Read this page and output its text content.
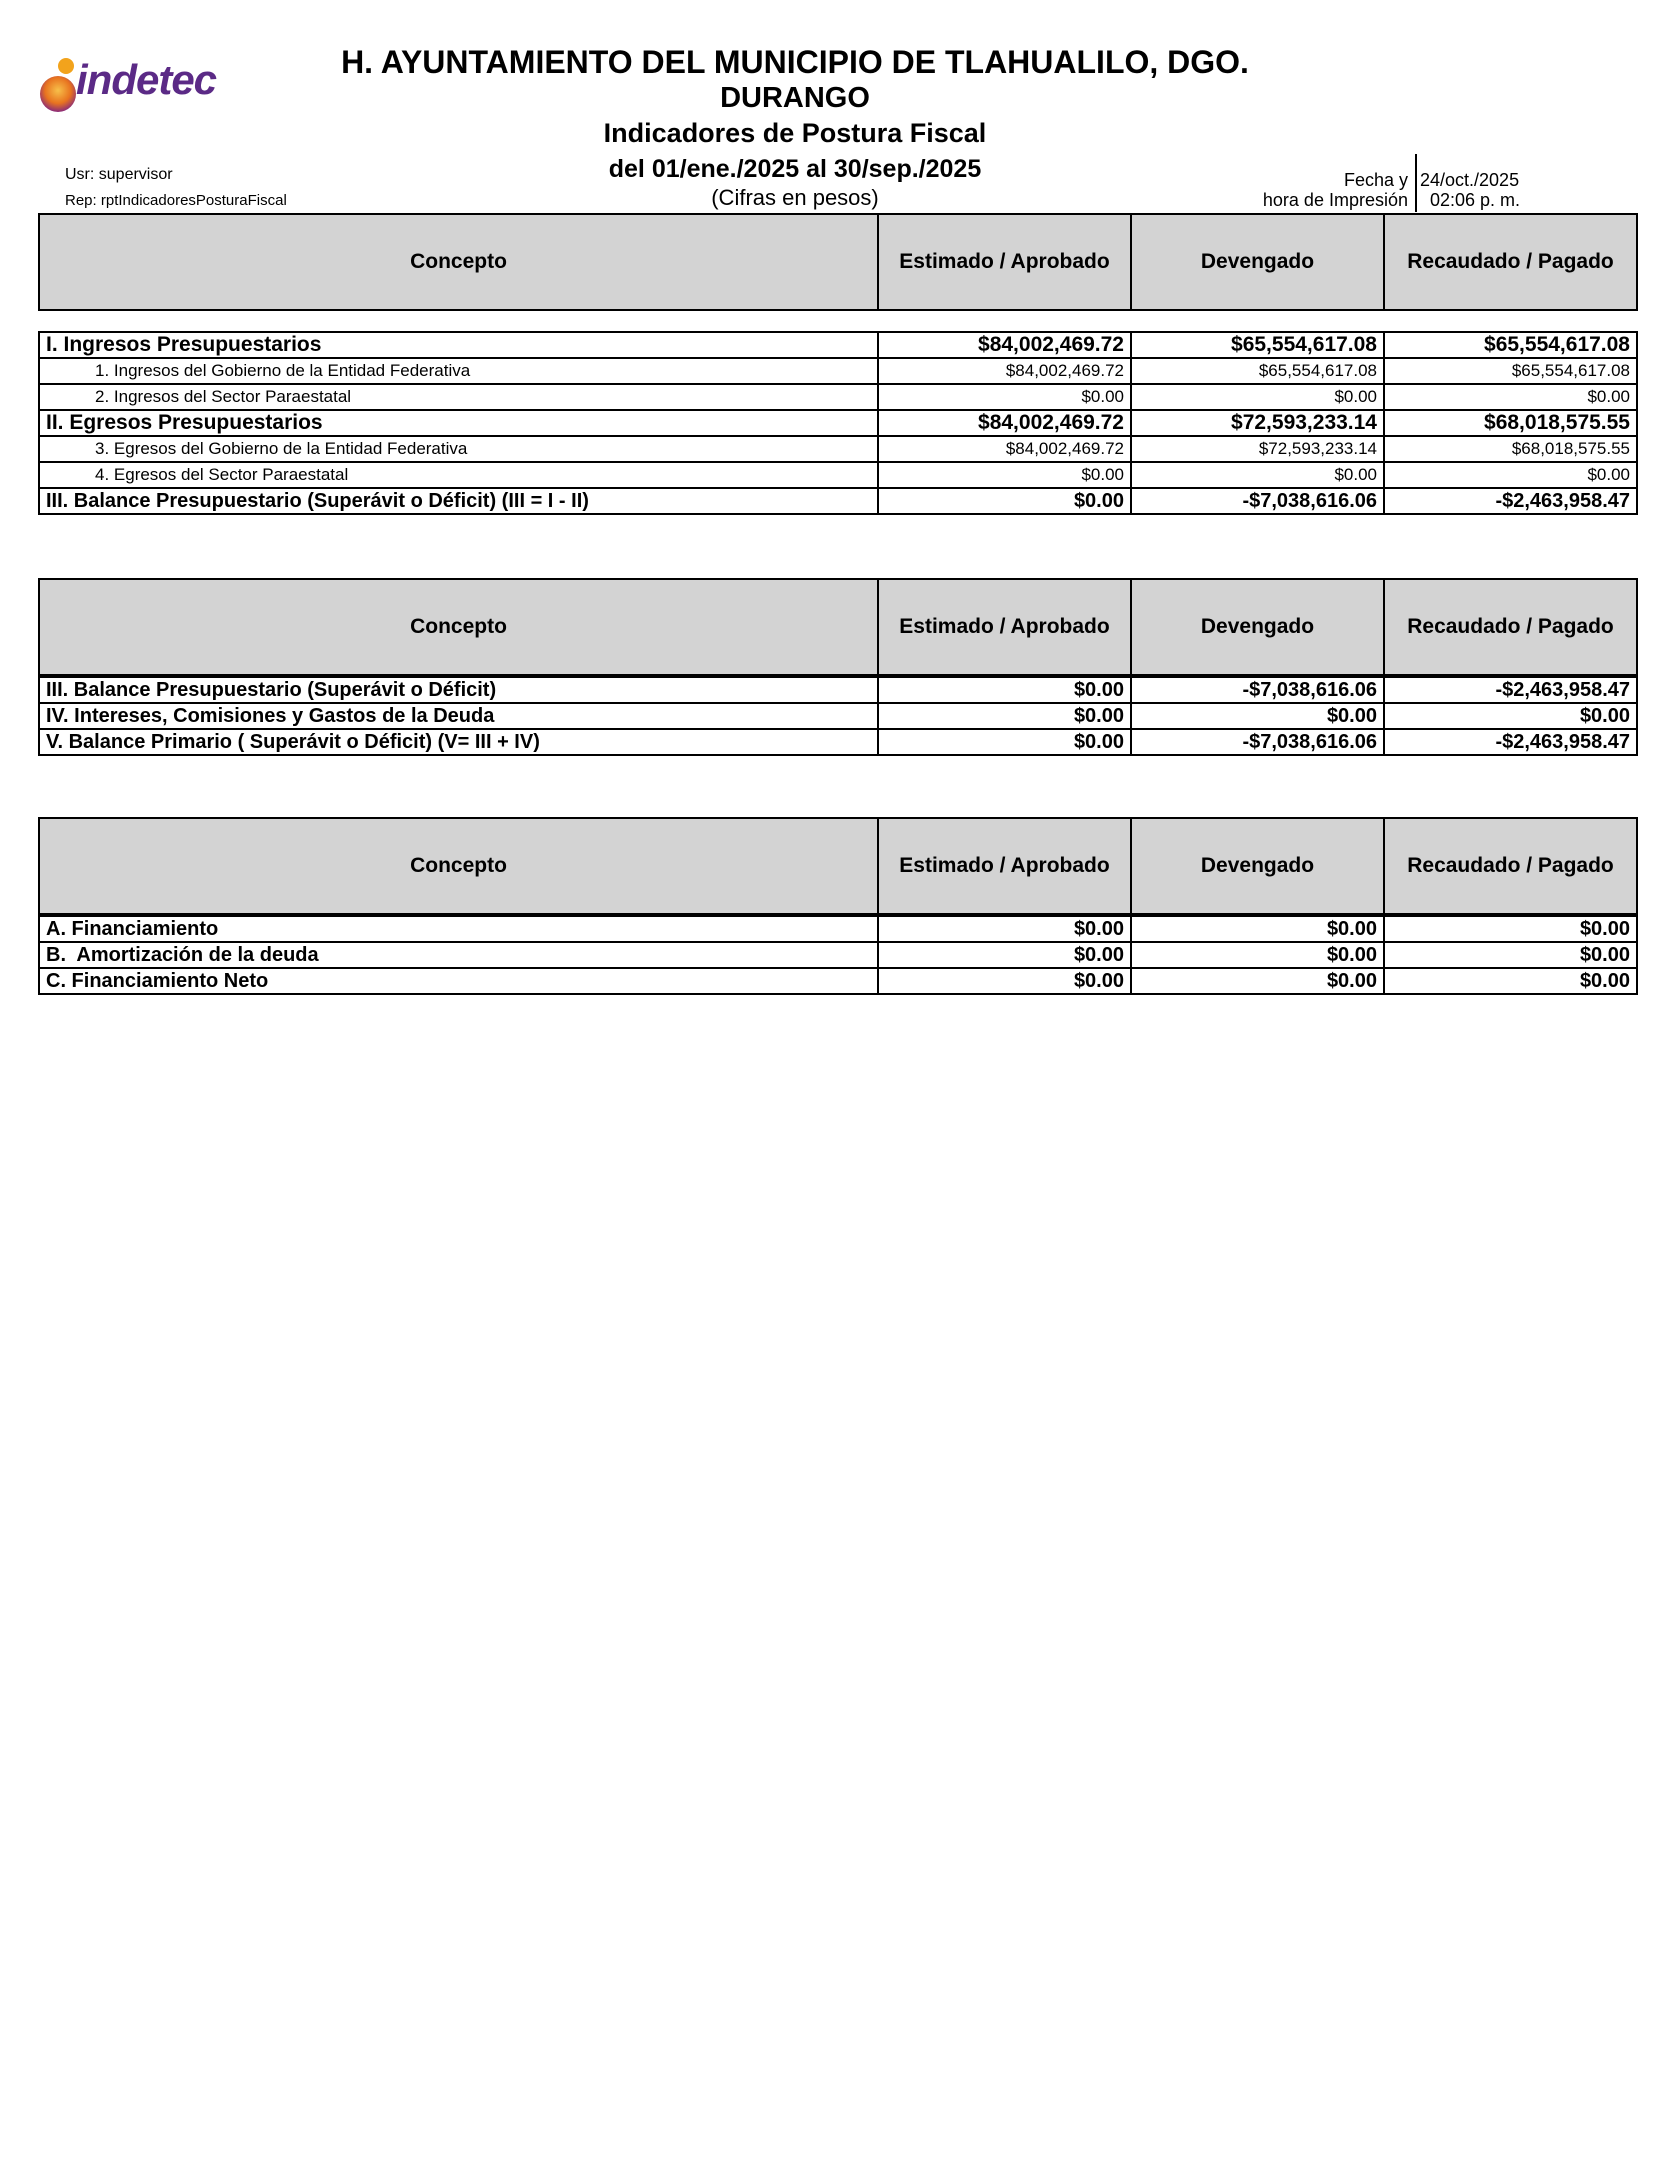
indetec	H. AYUNTAMIENTO DEL MUNICIPIO DE TLAHUALILO, DGO.
DURANGO
Indicadores de Postura Fiscal
del 01/ene./2025 al 30/sep./2025
(Cifras en pesos)
Usr: supervisor
Rep: rptIndicadoresPosturaFiscal
Fecha y
hora de Impresión
24/oct./2025
02:06 p. m.
Concepto	Estimado / Aprobado	Devengado	Recaudado / Pagado
I. Ingresos Presupuestarios	$84,002,469.72	$65,554,617.08	$65,554,617.08
1. Ingresos del Gobierno de la Entidad Federativa	$84,002,469.72	$65,554,617.08	$65,554,617.08
2. Ingresos del Sector Paraestatal	$0.00	$0.00	$0.00
II. Egresos Presupuestarios	$84,002,469.72	$72,593,233.14	$68,018,575.55
3. Egresos del Gobierno de la Entidad Federativa	$84,002,469.72	$72,593,233.14	$68,018,575.55
4. Egresos del Sector Paraestatal	$0.00	$0.00	$0.00
III. Balance Presupuestario (Superávit o Déficit) (III = I - II)	$0.00	-$7,038,616.06	-$2,463,958.47
Concepto	Estimado / Aprobado	Devengado	Recaudado / Pagado
III. Balance Presupuestario (Superávit o Déficit)	$0.00	-$7,038,616.06	-$2,463,958.47
IV. Intereses, Comisiones y Gastos de la Deuda	$0.00	$0.00	$0.00
V. Balance Primario ( Superávit o Déficit) (V= III + IV)	$0.00	-$7,038,616.06	-$2,463,958.47
Concepto	Estimado / Aprobado	Devengado	Recaudado / Pagado
A. Financiamiento	$0.00	$0.00	$0.00
B.  Amortización de la deuda	$0.00	$0.00	$0.00
C. Financiamiento Neto	$0.00	$0.00	$0.00
